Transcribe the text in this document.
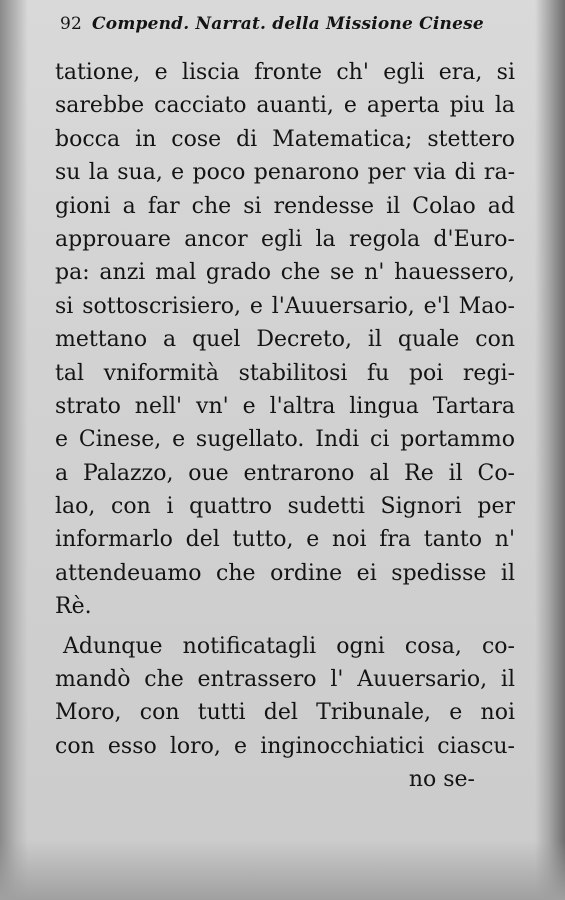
92 Compend. Narrat. della Missione Cinese
tatione, e liscia fronte ch' egli era, si
sarebbe cacciato auanti, e aperta piu la
bocca in cose di Matematica; stettero
su la sua, e poco penarono per via di ra-
gioni a far che si rendesse il Colao ad
approuare ancor egli la regola d'Euro-
pa: anzi mal grado che se n' hauessero,
si sottoscrisiero, e l'Auuersario, e'l Mao-
mettano a quel Decreto, il quale con
tal vniformità stabilitosi fu poi regi-
strato nell' vn' e l'altra lingua Tartara
e Cinese, e sugellato. Indi ci portammo
a Palazzo, oue entrarono al Re il Co-
lao, con i quattro sudetti Signori per
informarlo del tutto, e noi fra tanto n'
attendeuamo che ordine ei spedisse il
Rè.
Adunque notificatagli ogni cosa, co-
mandò che entrassero l' Auuersario, il
Moro, con tutti del Tribunale, e noi
con esso loro, e inginocchiatici ciascu-
no se-
